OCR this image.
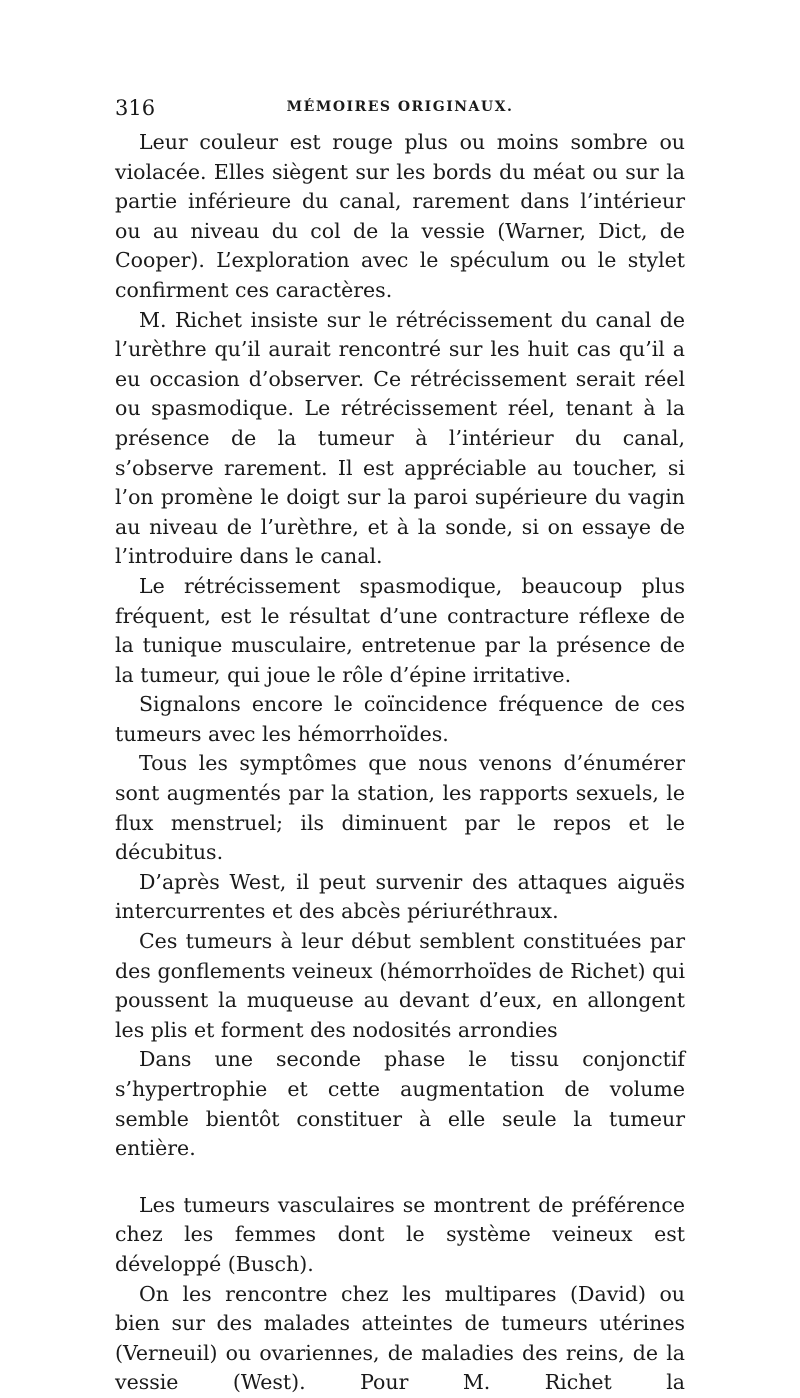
316	MÉMOIRES ORIGINAUX.

Leur couleur est rouge plus ou moins sombre ou violacée. Elles siègent sur les bords du méat ou sur la partie inférieure du canal, rarement dans l’intérieur ou au niveau du col de la vessie (Warner, Dict, de Cooper). L’exploration avec le spéculum ou le stylet confirment ces caractères.

M. Richet insiste sur le rétrécissement du canal de l’urèthre qu’il aurait rencontré sur les huit cas qu’il a eu occasion d’observer. Ce rétrécissement serait réel ou spasmodique. Le rétrécissement réel, tenant à la présence de la tumeur à l’intérieur du canal, s’observe rarement. Il est appréciable au toucher, si l’on promène le doigt sur la paroi supérieure du vagin au niveau de l’urèthre, et à la sonde, si on essaye de l’introduire dans le canal.

Le rétrécissement spasmodique, beaucoup plus fréquent, est le résultat d’une contracture réflexe de la tunique musculaire, entretenue par la présence de la tumeur, qui joue le rôle d’épine irritative.

Signalons encore le coïncidence fréquence de ces tumeurs avec les hémorrhoïdes.

Tous les symptômes que nous venons d’énumérer sont augmentés par la station, les rapports sexuels, le flux menstruel; ils diminuent par le repos et le décubitus.

D’après West, il peut survenir des attaques aiguës intercurrentes et des abcès périuréthraux.

Ces tumeurs à leur début semblent constituées par des gonflements veineux (hémorrhoïdes de Richet) qui poussent la muqueuse au devant d’eux, en allongent les plis et forment des nodosités arrondies

Dans une seconde phase le tissu conjonctif s’hypertrophie et cette augmentation de volume semble bientôt constituer à elle seule la tumeur entière.

Les tumeurs vasculaires se montrent de préférence chez les femmes dont le système veineux est développé (Busch).

On les rencontre chez les multipares (David) ou bien sur des malades atteintes de tumeurs utérines (Verneuil) ou ovariennes, de maladies des reins, de la vessie (West). Pour M. Richet la
